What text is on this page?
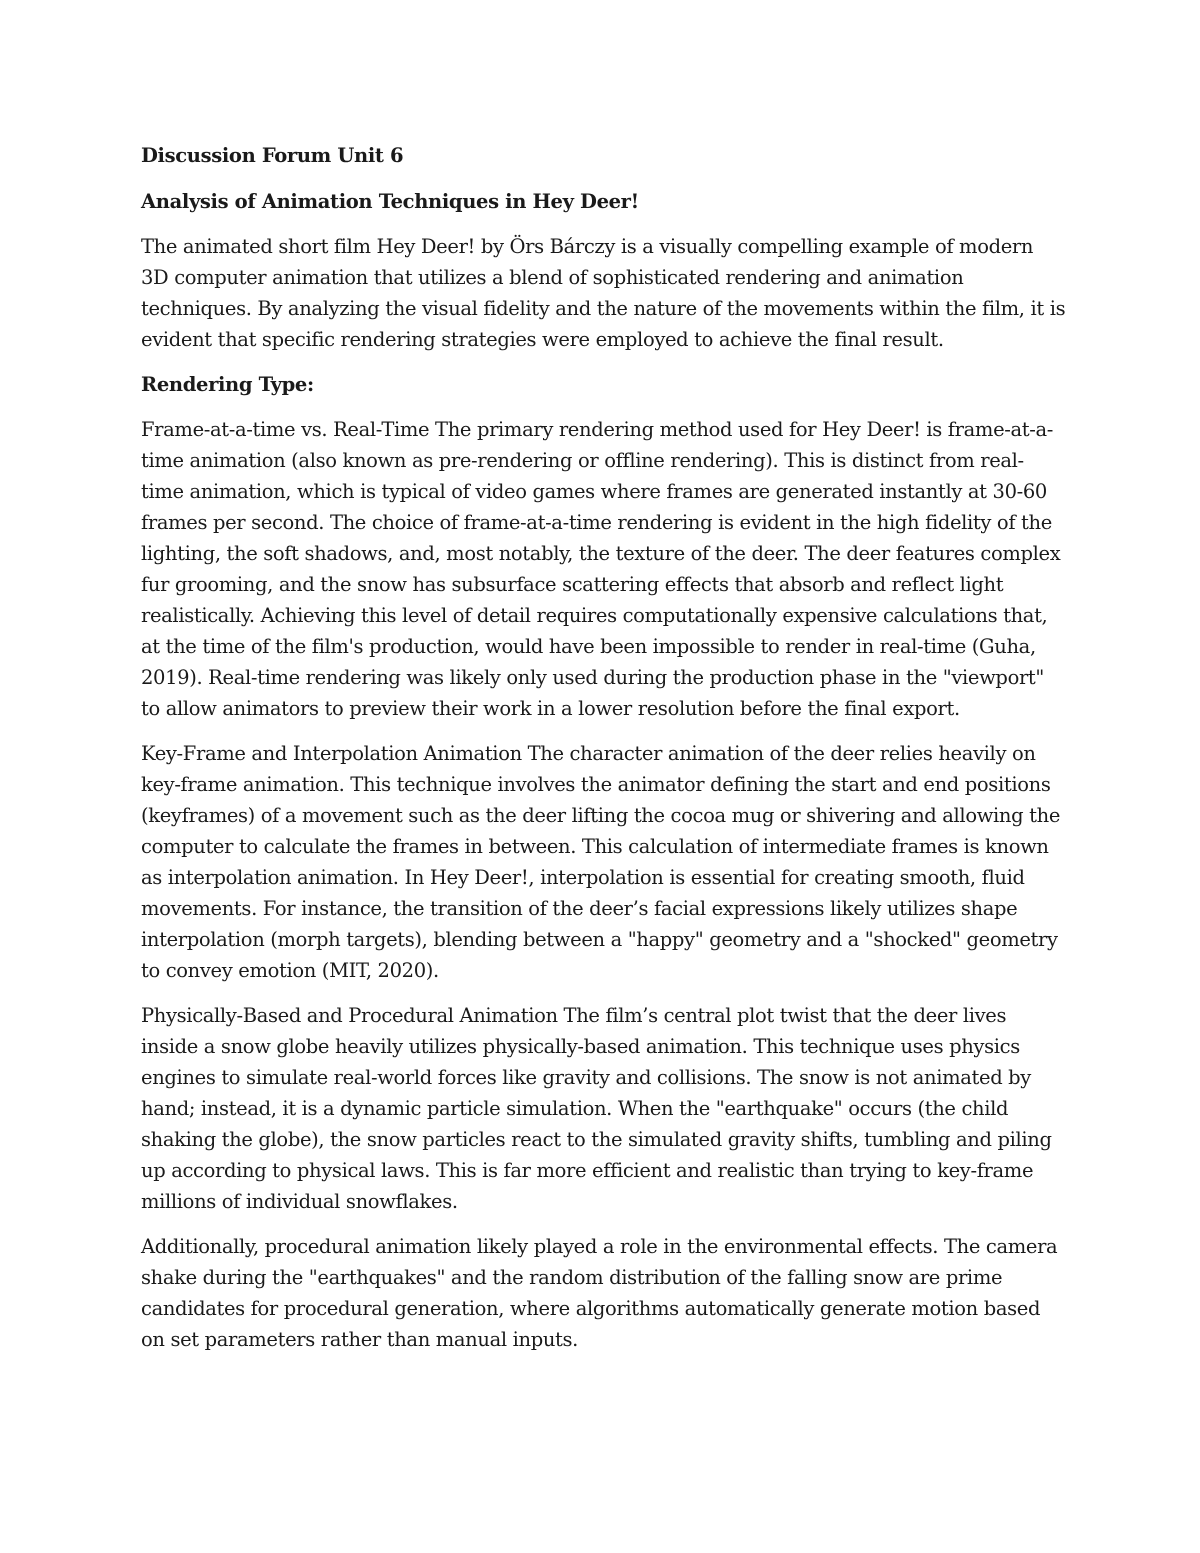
Discussion Forum Unit 6

Analysis of Animation Techniques in Hey Deer!

The animated short film Hey Deer! by Örs Bárczy is a visually compelling example of modern 3D computer animation that utilizes a blend of sophisticated rendering and animation techniques. By analyzing the visual fidelity and the nature of the movements within the film, it is evident that specific rendering strategies were employed to achieve the final result.

Rendering Type:

Frame-at-a-time vs. Real-Time The primary rendering method used for Hey Deer! is frame-at-a-time animation (also known as pre-rendering or offline rendering). This is distinct from real-time animation, which is typical of video games where frames are generated instantly at 30-60 frames per second. The choice of frame-at-a-time rendering is evident in the high fidelity of the lighting, the soft shadows, and, most notably, the texture of the deer. The deer features complex fur grooming, and the snow has subsurface scattering effects that absorb and reflect light realistically. Achieving this level of detail requires computationally expensive calculations that, at the time of the film's production, would have been impossible to render in real-time (Guha, 2019). Real-time rendering was likely only used during the production phase in the "viewport" to allow animators to preview their work in a lower resolution before the final export.

Key-Frame and Interpolation Animation The character animation of the deer relies heavily on key-frame animation. This technique involves the animator defining the start and end positions (keyframes) of a movement such as the deer lifting the cocoa mug or shivering and allowing the computer to calculate the frames in between. This calculation of intermediate frames is known as interpolation animation. In Hey Deer!, interpolation is essential for creating smooth, fluid movements. For instance, the transition of the deer’s facial expressions likely utilizes shape interpolation (morph targets), blending between a "happy" geometry and a "shocked" geometry to convey emotion (MIT, 2020).

Physically-Based and Procedural Animation The film’s central plot twist that the deer lives inside a snow globe heavily utilizes physically-based animation. This technique uses physics engines to simulate real-world forces like gravity and collisions. The snow is not animated by hand; instead, it is a dynamic particle simulation. When the "earthquake" occurs (the child shaking the globe), the snow particles react to the simulated gravity shifts, tumbling and piling up according to physical laws. This is far more efficient and realistic than trying to key-frame millions of individual snowflakes.

Additionally, procedural animation likely played a role in the environmental effects. The camera shake during the "earthquakes" and the random distribution of the falling snow are prime candidates for procedural generation, where algorithms automatically generate motion based on set parameters rather than manual inputs.
